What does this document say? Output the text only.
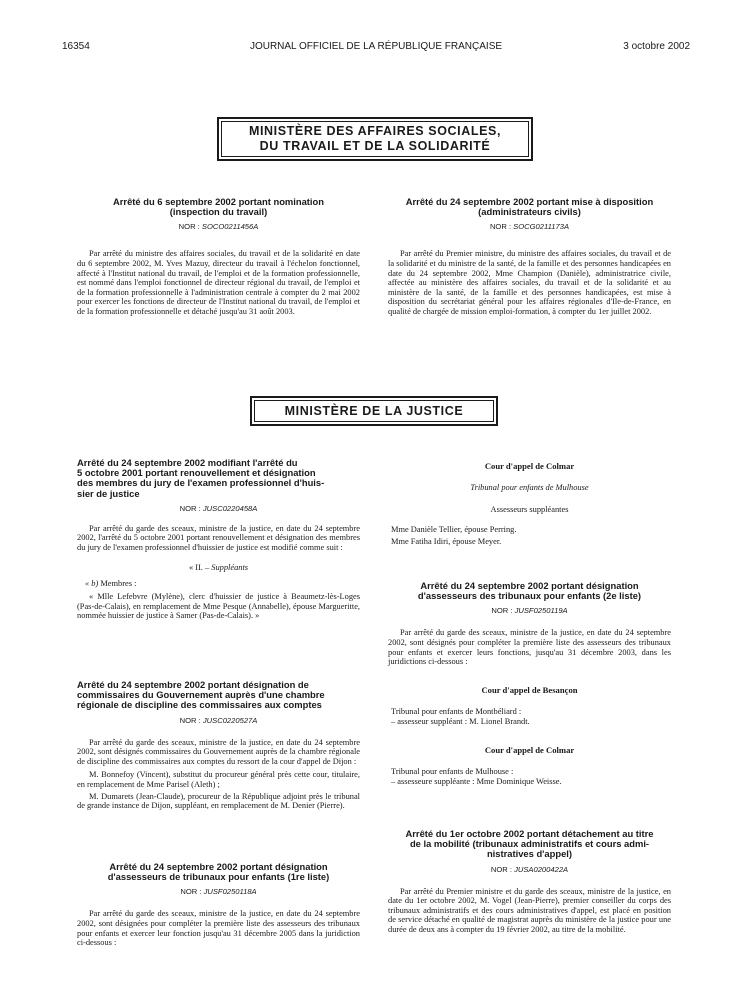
16354	JOURNAL OFFICIEL DE LA RÉPUBLIQUE FRANÇAISE	3 octobre 2002
MINISTÈRE DES AFFAIRES SOCIALES,
DU TRAVAIL ET DE LA SOLIDARITÉ
Arrêté du 6 septembre 2002 portant nomination
(inspection du travail)
NOR : SOCO0211456A
Par arrêté du ministre des affaires sociales, du travail et de la solidarité en date du 6 septembre 2002, M. Yves Mazuy, directeur du travail à l'échelon fonctionnel, affecté à l'Institut national du travail, de l'emploi et de la formation professionnelle, est nommé dans l'emploi fonctionnel de directeur régional du travail, de l'emploi et de la formation professionnelle à l'administration centrale à compter du 2 mai 2002 pour exercer les fonctions de directeur de l'Institut national du travail, de l'emploi et de la formation professionnelle et détaché jusqu'au 31 août 2003.
Arrêté du 24 septembre 2002 portant mise à disposition
(administrateurs civils)
NOR : SOCG0211173A
Par arrêté du Premier ministre, du ministre des affaires sociales, du travail et de la solidarité et du ministre de la santé, de la famille et des personnes handicapées en date du 24 septembre 2002, Mme Champion (Danièle), administratrice civile, affectée au ministère des affaires sociales, du travail et de la solidarité et au ministère de la santé, de la famille et des personnes handicapées, est mise à disposition du secrétariat général pour les affaires régionales d'Ile-de-France, en qualité de chargée de mission emploi-formation, à compter du 1er juillet 2002.
MINISTÈRE DE LA JUSTICE
Arrêté du 24 septembre 2002 modifiant l'arrêté du
5 octobre 2001 portant renouvellement et désignation
des membres du jury de l'examen professionnel d'huis-
sier de justice
NOR : JUSC0220458A
Par arrêté du garde des sceaux, ministre de la justice, en date du 24 septembre 2002, l'arrêté du 5 octobre 2001 portant renouvellement et désignation des membres du jury de l'examen professionnel d'huissier de justice est modifié comme suit :
« II. – Suppléants
« b) Membres :
« Mlle Lefebvre (Mylène), clerc d'huissier de justice à Beaumetz-lès-Loges (Pas-de-Calais), en remplacement de Mme Pesque (Annabelle), épouse Margueritte, nommée huissier de justice à Samer (Pas-de-Calais). »
Arrêté du 24 septembre 2002 portant désignation de
commissaires du Gouvernement auprès d'une chambre
régionale de discipline des commissaires aux comptes
NOR : JUSC0220527A
Par arrêté du garde des sceaux, ministre de la justice, en date du 24 septembre 2002, sont désignés commissaires du Gouvernement auprès de la chambre régionale de discipline des commissaires aux comptes du ressort de la cour d'appel de Dijon :
M. Bonnefoy (Vincent), substitut du procureur général près cette cour, titulaire, en remplacement de Mme Parisel (Aleth) ;
M. Dumarets (Jean-Claude), procureur de la République adjoint près le tribunal de grande instance de Dijon, suppléant, en remplacement de M. Denier (Pierre).
Arrêté du 24 septembre 2002 portant désignation
d'assesseurs de tribunaux pour enfants (1re liste)
NOR : JUSF0250118A
Par arrêté du garde des sceaux, ministre de la justice, en date du 24 septembre 2002, sont désignées pour compléter la première liste des assesseurs des tribunaux pour enfants et exercer leur fonction jusqu'au 31 décembre 2005 dans la juridiction ci-dessous :
Cour d'appel de Colmar
Tribunal pour enfants de Mulhouse
Assesseurs suppléantes
Mme Danièle Tellier, épouse Perring.
Mme Fatiha Idiri, épouse Meyer.
Arrêté du 24 septembre 2002 portant désignation
d'assesseurs des tribunaux pour enfants (2e liste)
NOR : JUSF0250119A
Par arrêté du garde des sceaux, ministre de la justice, en date du 24 septembre 2002, sont désignés pour compléter la première liste des assesseurs des tribunaux pour enfants et exercer leurs fonctions, jusqu'au 31 décembre 2003, dans les juridictions ci-dessous :
Cour d'appel de Besançon
Tribunal pour enfants de Montbéliard :
– assesseur suppléant : M. Lionel Brandt.
Cour d'appel de Colmar
Tribunal pour enfants de Mulhouse :
– assesseure suppléante : Mme Dominique Weisse.
Arrêté du 1er octobre 2002 portant détachement au titre
de la mobilité (tribunaux administratifs et cours admi-
nistratives d'appel)
NOR : JUSA0200422A
Par arrêté du Premier ministre et du garde des sceaux, ministre de la justice, en date du 1er octobre 2002, M. Vogel (Jean-Pierre), premier conseiller du corps des tribunaux administratifs et des cours administratives d'appel, est placé en position de service détaché en qualité de magistrat auprès du ministère de la justice pour une durée de deux ans à compter du 19 février 2002, au titre de la mobilité.
